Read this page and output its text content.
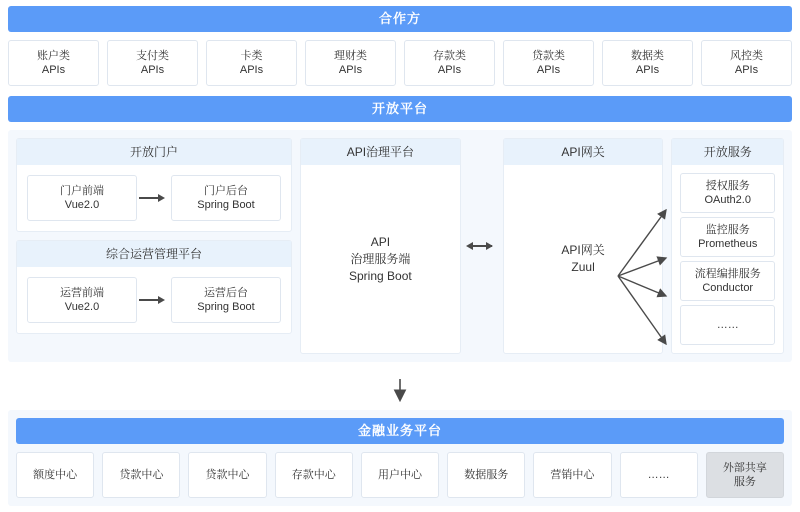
合作方
账户类
APIs
支付类
APIs
卡类
APIs
理财类
APIs
存款类
APIs
贷款类
APIs
数据类
APIs
风控类
APIs
开放平台
开放门户
门户前端
Vue2.0
门户后台
Spring Boot
综合运营管理平台
运营前端
Vue2.0
运营后台
Spring Boot
API治理平台
API
治理服务端
Spring Boot
API网关
API网关
Zuul
开放服务
授权服务
OAuth2.0
监控服务
Prometheus
流程编排服务
Conductor
……
金融业务平台
额度中心	贷款中心	贷款中心	存款中心	用户中心	数据服务	营销中心	……
外部共享
服务
